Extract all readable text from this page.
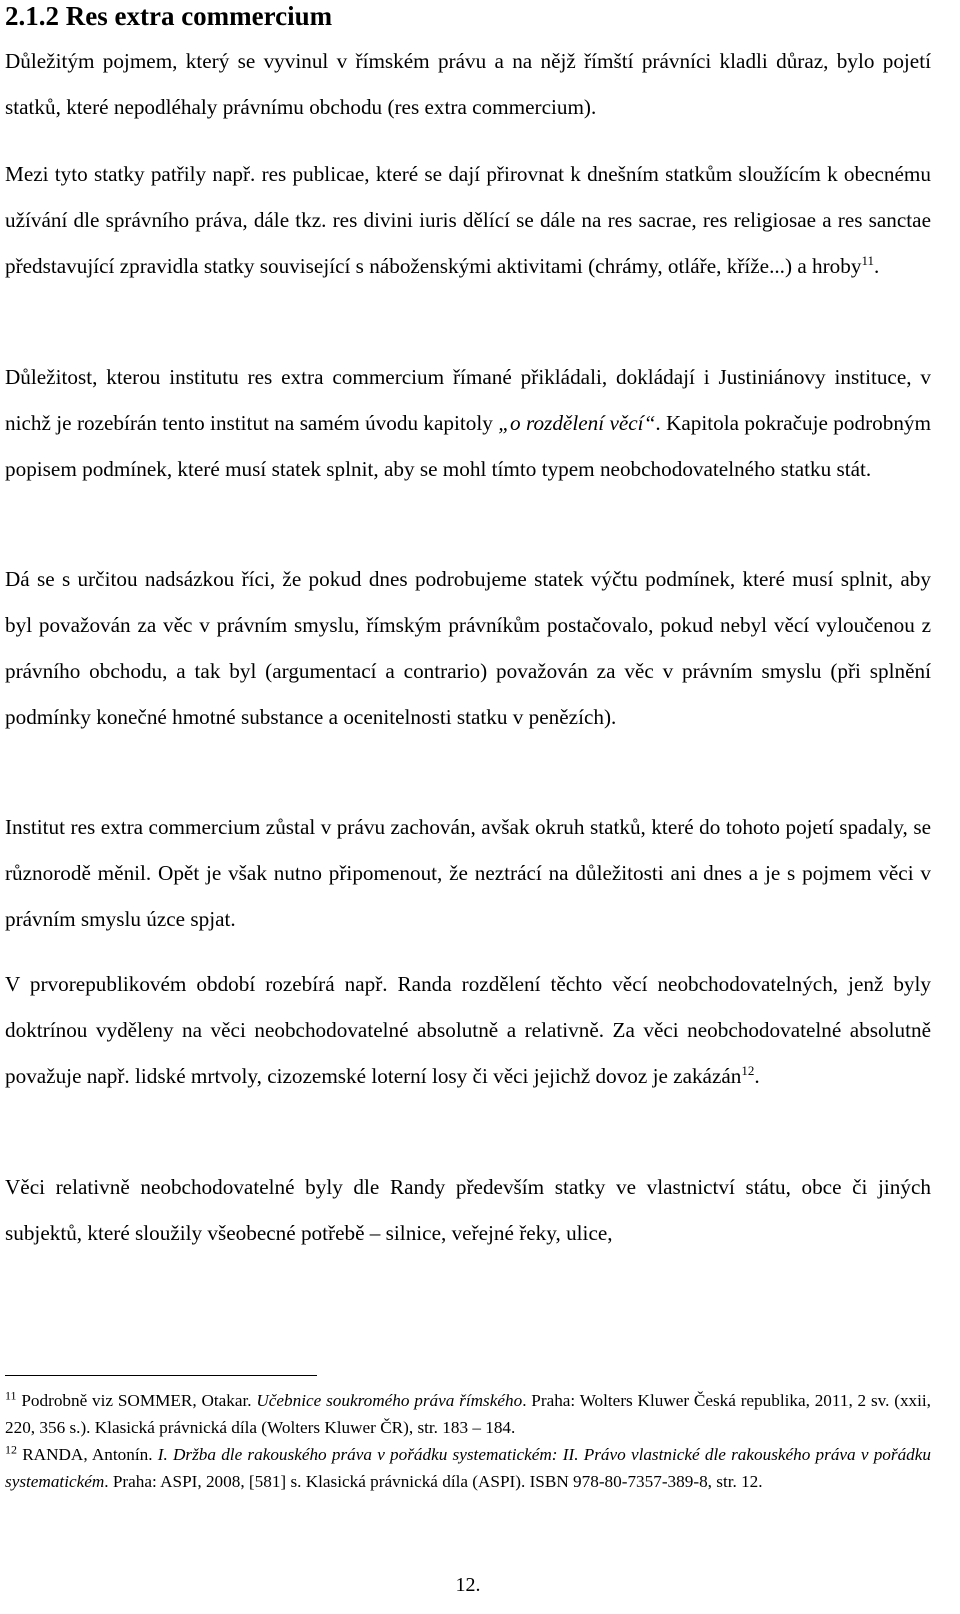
2.1.2 Res extra commercium

Důležitým pojmem, který se vyvinul v římském právu a na nějž římští právníci kladli důraz, bylo pojetí statků, které nepodléhaly právnímu obchodu (res extra commercium).

Mezi tyto statky patřily např. res publicae, které se dají přirovnat k dnešním statkům sloužícím k obecnému užívání dle správního práva, dále tkz. res divini iuris dělící se dále na res sacrae, res religiosae a res sanctae představující zpravidla statky související s náboženskými aktivitami (chrámy, otláře, kříže...) a hroby$^{11}$.

Důležitost, kterou institutu res extra commercium římané přikládali, dokládají i Justiniánovy instituce, v nichž je rozebírán tento institut na samém úvodu kapitoly „o rozdělení věcí“. Kapitola pokračuje podrobným popisem podmínek, které musí statek splnit, aby se mohl tímto typem neobchodovatelného statku stát.

Dá se s určitou nadsázkou říci, že pokud dnes podrobujeme statek výčtu podmínek, které musí splnit, aby byl považován za věc v právním smyslu, římským právníkům postačovalo, pokud nebyl věcí vyloučenou z právního obchodu, a tak byl (argumentací a contrario) považován za věc v právním smyslu (při splnění podmínky konečné hmotné substance a ocenitelnosti statku v penězích).

Institut res extra commercium zůstal v právu zachován, avšak okruh statků, které do tohoto pojetí spadaly, se různorodě měnil. Opět je však nutno připomenout, že neztrácí na důležitosti ani dnes a je s pojmem věci v právním smyslu úzce spjat.

V prvorepublikovém období rozebírá např. Randa rozdělení těchto věcí neobchodovatelných, jenž byly doktrínou vyděleny na věci neobchodovatelné absolutně a relativně. Za věci neobchodovatelné absolutně považuje např. lidské mrtvoly, cizozemské loterní losy či věci jejichž dovoz je zakázán$^{12}$.

Věci relativně neobchodovatelné byly dle Randy především statky ve vlastnictví státu, obce či jiných subjektů, které sloužily všeobecné potřebě – silnice, veřejné řeky, ulice,

$^{11}$ Podrobně viz SOMMER, Otakar. Učebnice soukromého práva římského. Praha: Wolters Kluwer Česká republika, 2011, 2 sv. (xxii, 220, 356 s.). Klasická právnická díla (Wolters Kluwer ČR), str. 183 – 184.

$^{12}$ RANDA, Antonín. I. Držba dle rakouského práva v pořádku systematickém: II. Právo vlastnické dle rakouského práva v pořádku systematickém. Praha: ASPI, 2008, [581] s. Klasická právnická díla (ASPI). ISBN 978-80-7357-389-8, str. 12.

12.
